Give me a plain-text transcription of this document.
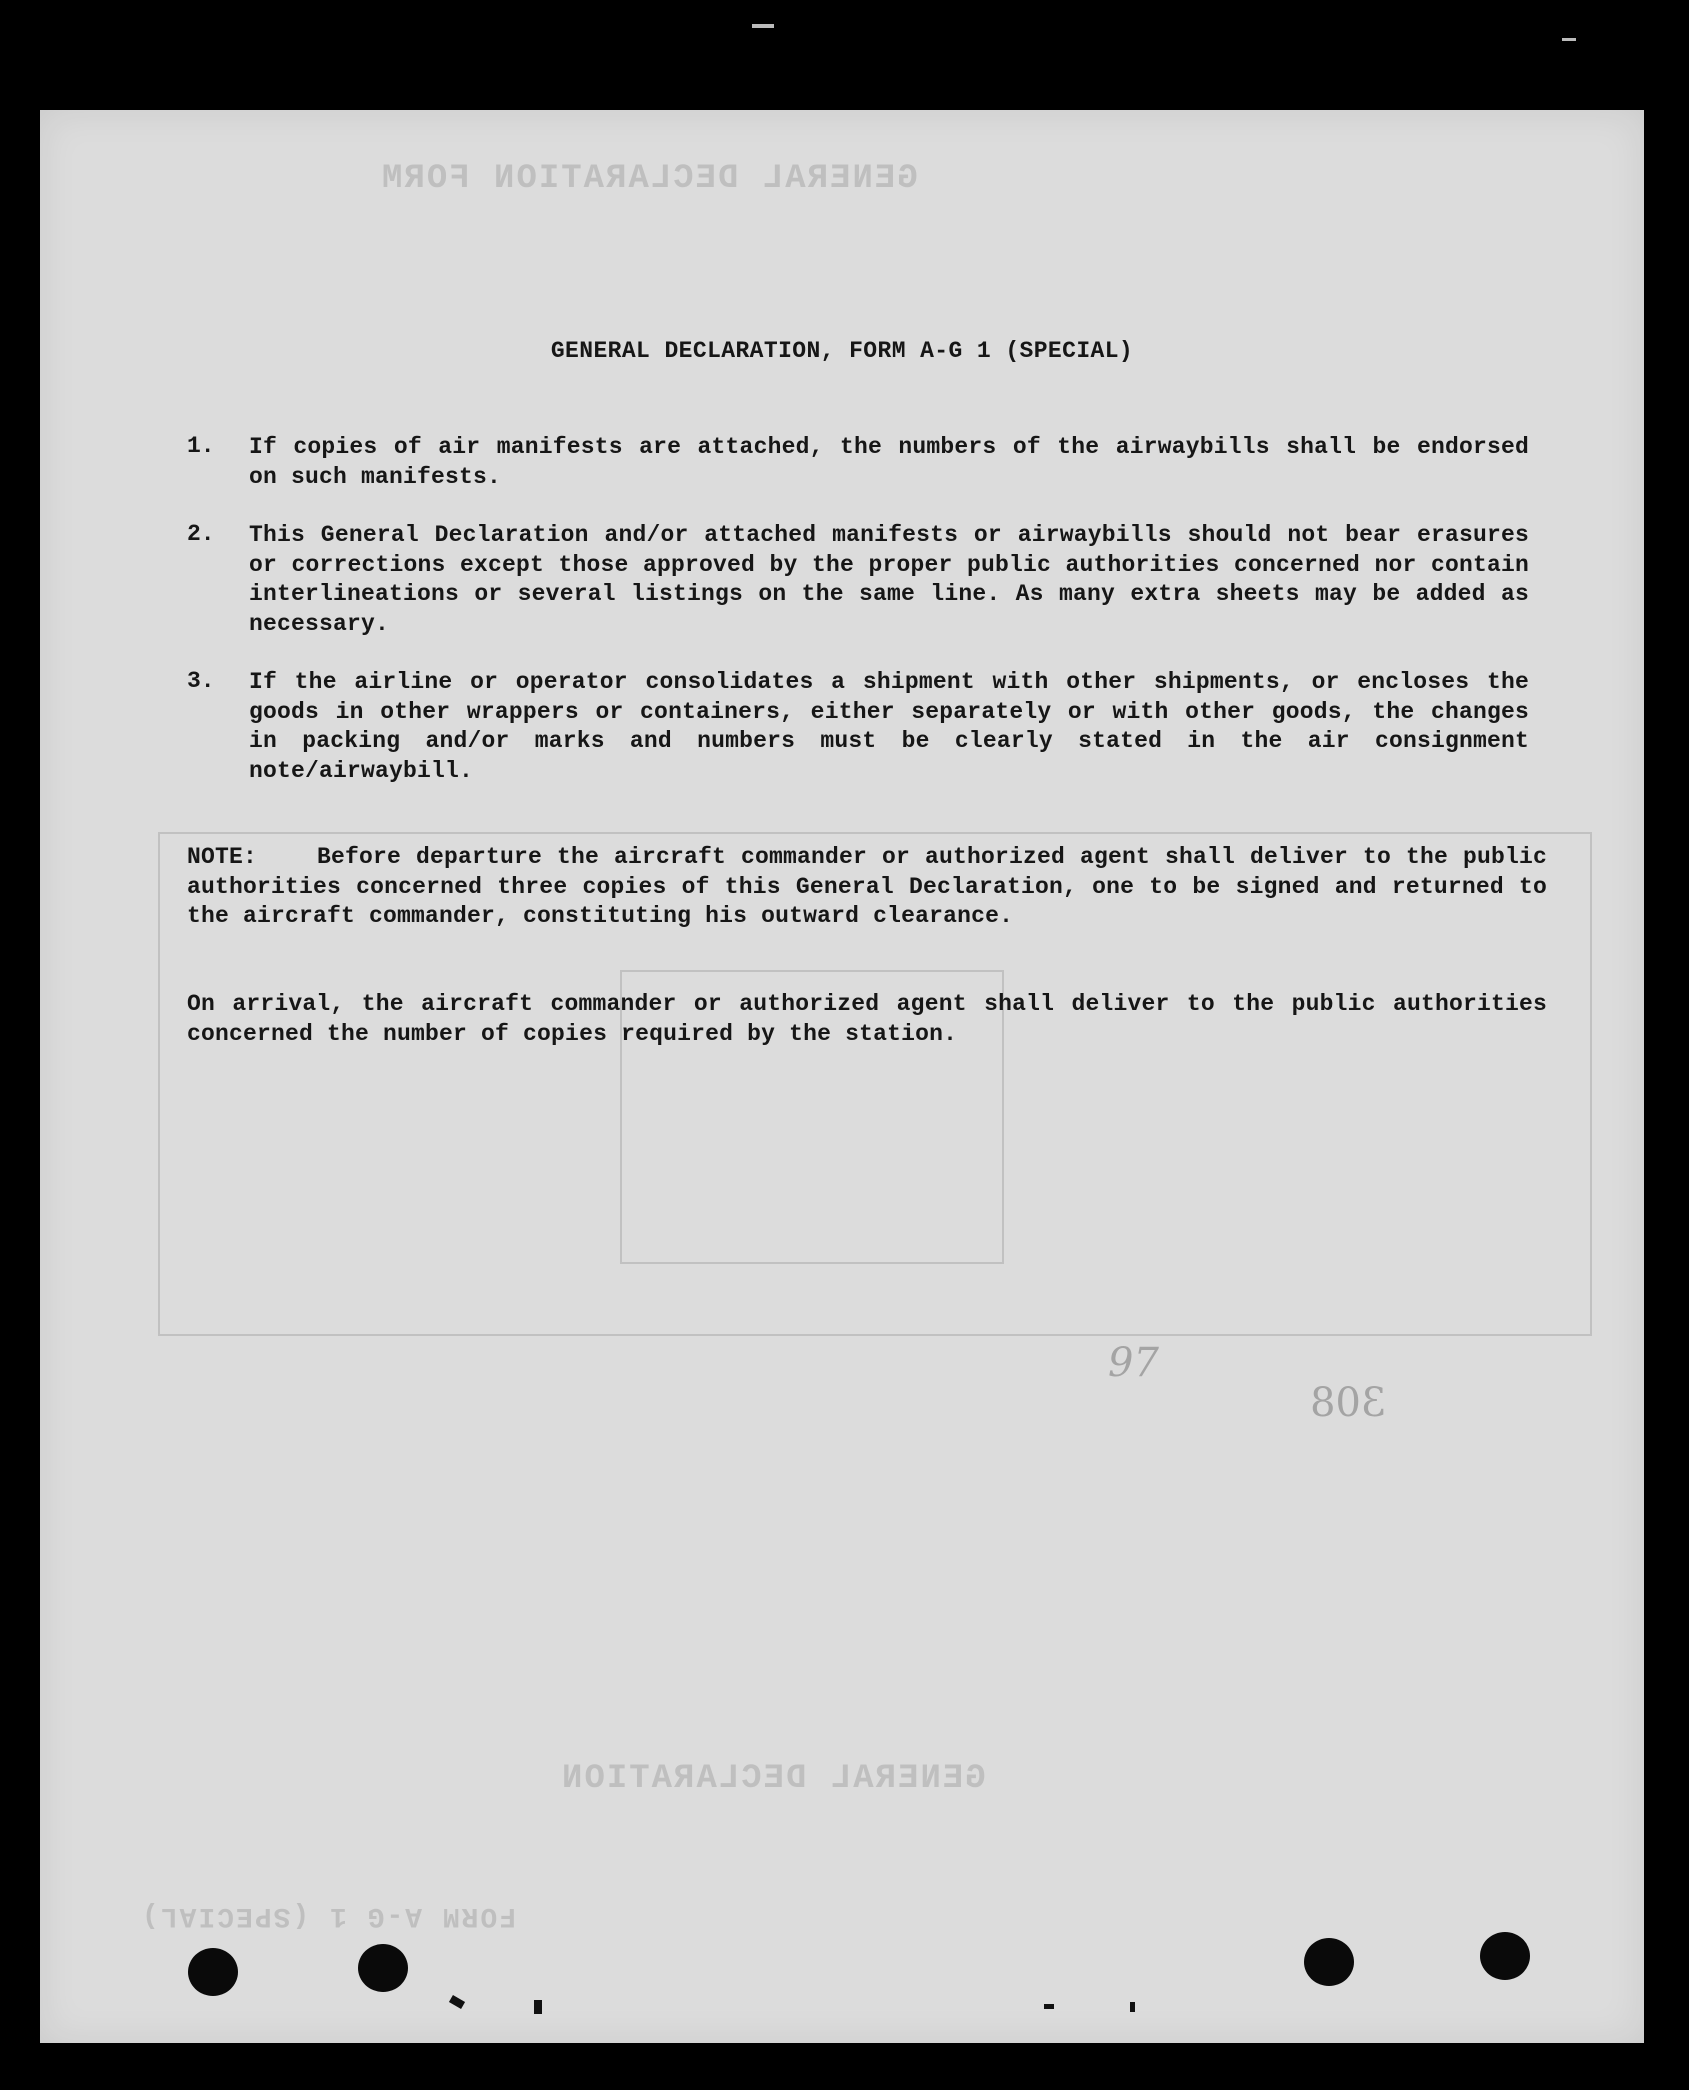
GENERAL DECLARATION FORM
GENERAL DECLARATION
FORM A-G 1 (SPECIAL)
GENERAL DECLARATION, FORM A-G 1 (SPECIAL)
1. If copies of air manifests are attached, the numbers of the airwaybills shall be endorsed on such manifests.
2. This General Declaration and/or attached manifests or airwaybills should not bear erasures or corrections except those approved by the proper public authorities concerned nor contain interlineations or several listings on the same line. As many extra sheets may be added as necessary.
3. If the airline or operator consolidates a shipment with other shipments, or encloses the goods in other wrappers or containers, either separately or with other goods, the changes in packing and/or marks and numbers must be clearly stated in the air consignment note/airwaybill.
NOTE:	Before departure the aircraft commander or authorized agent shall deliver to the public authorities concerned three copies of this General Declaration, one to be signed and returned to the aircraft commander, constituting his outward clearance.
On arrival, the aircraft commander or authorized agent shall deliver to the public authorities concerned the number of copies required by the station.
308
97
